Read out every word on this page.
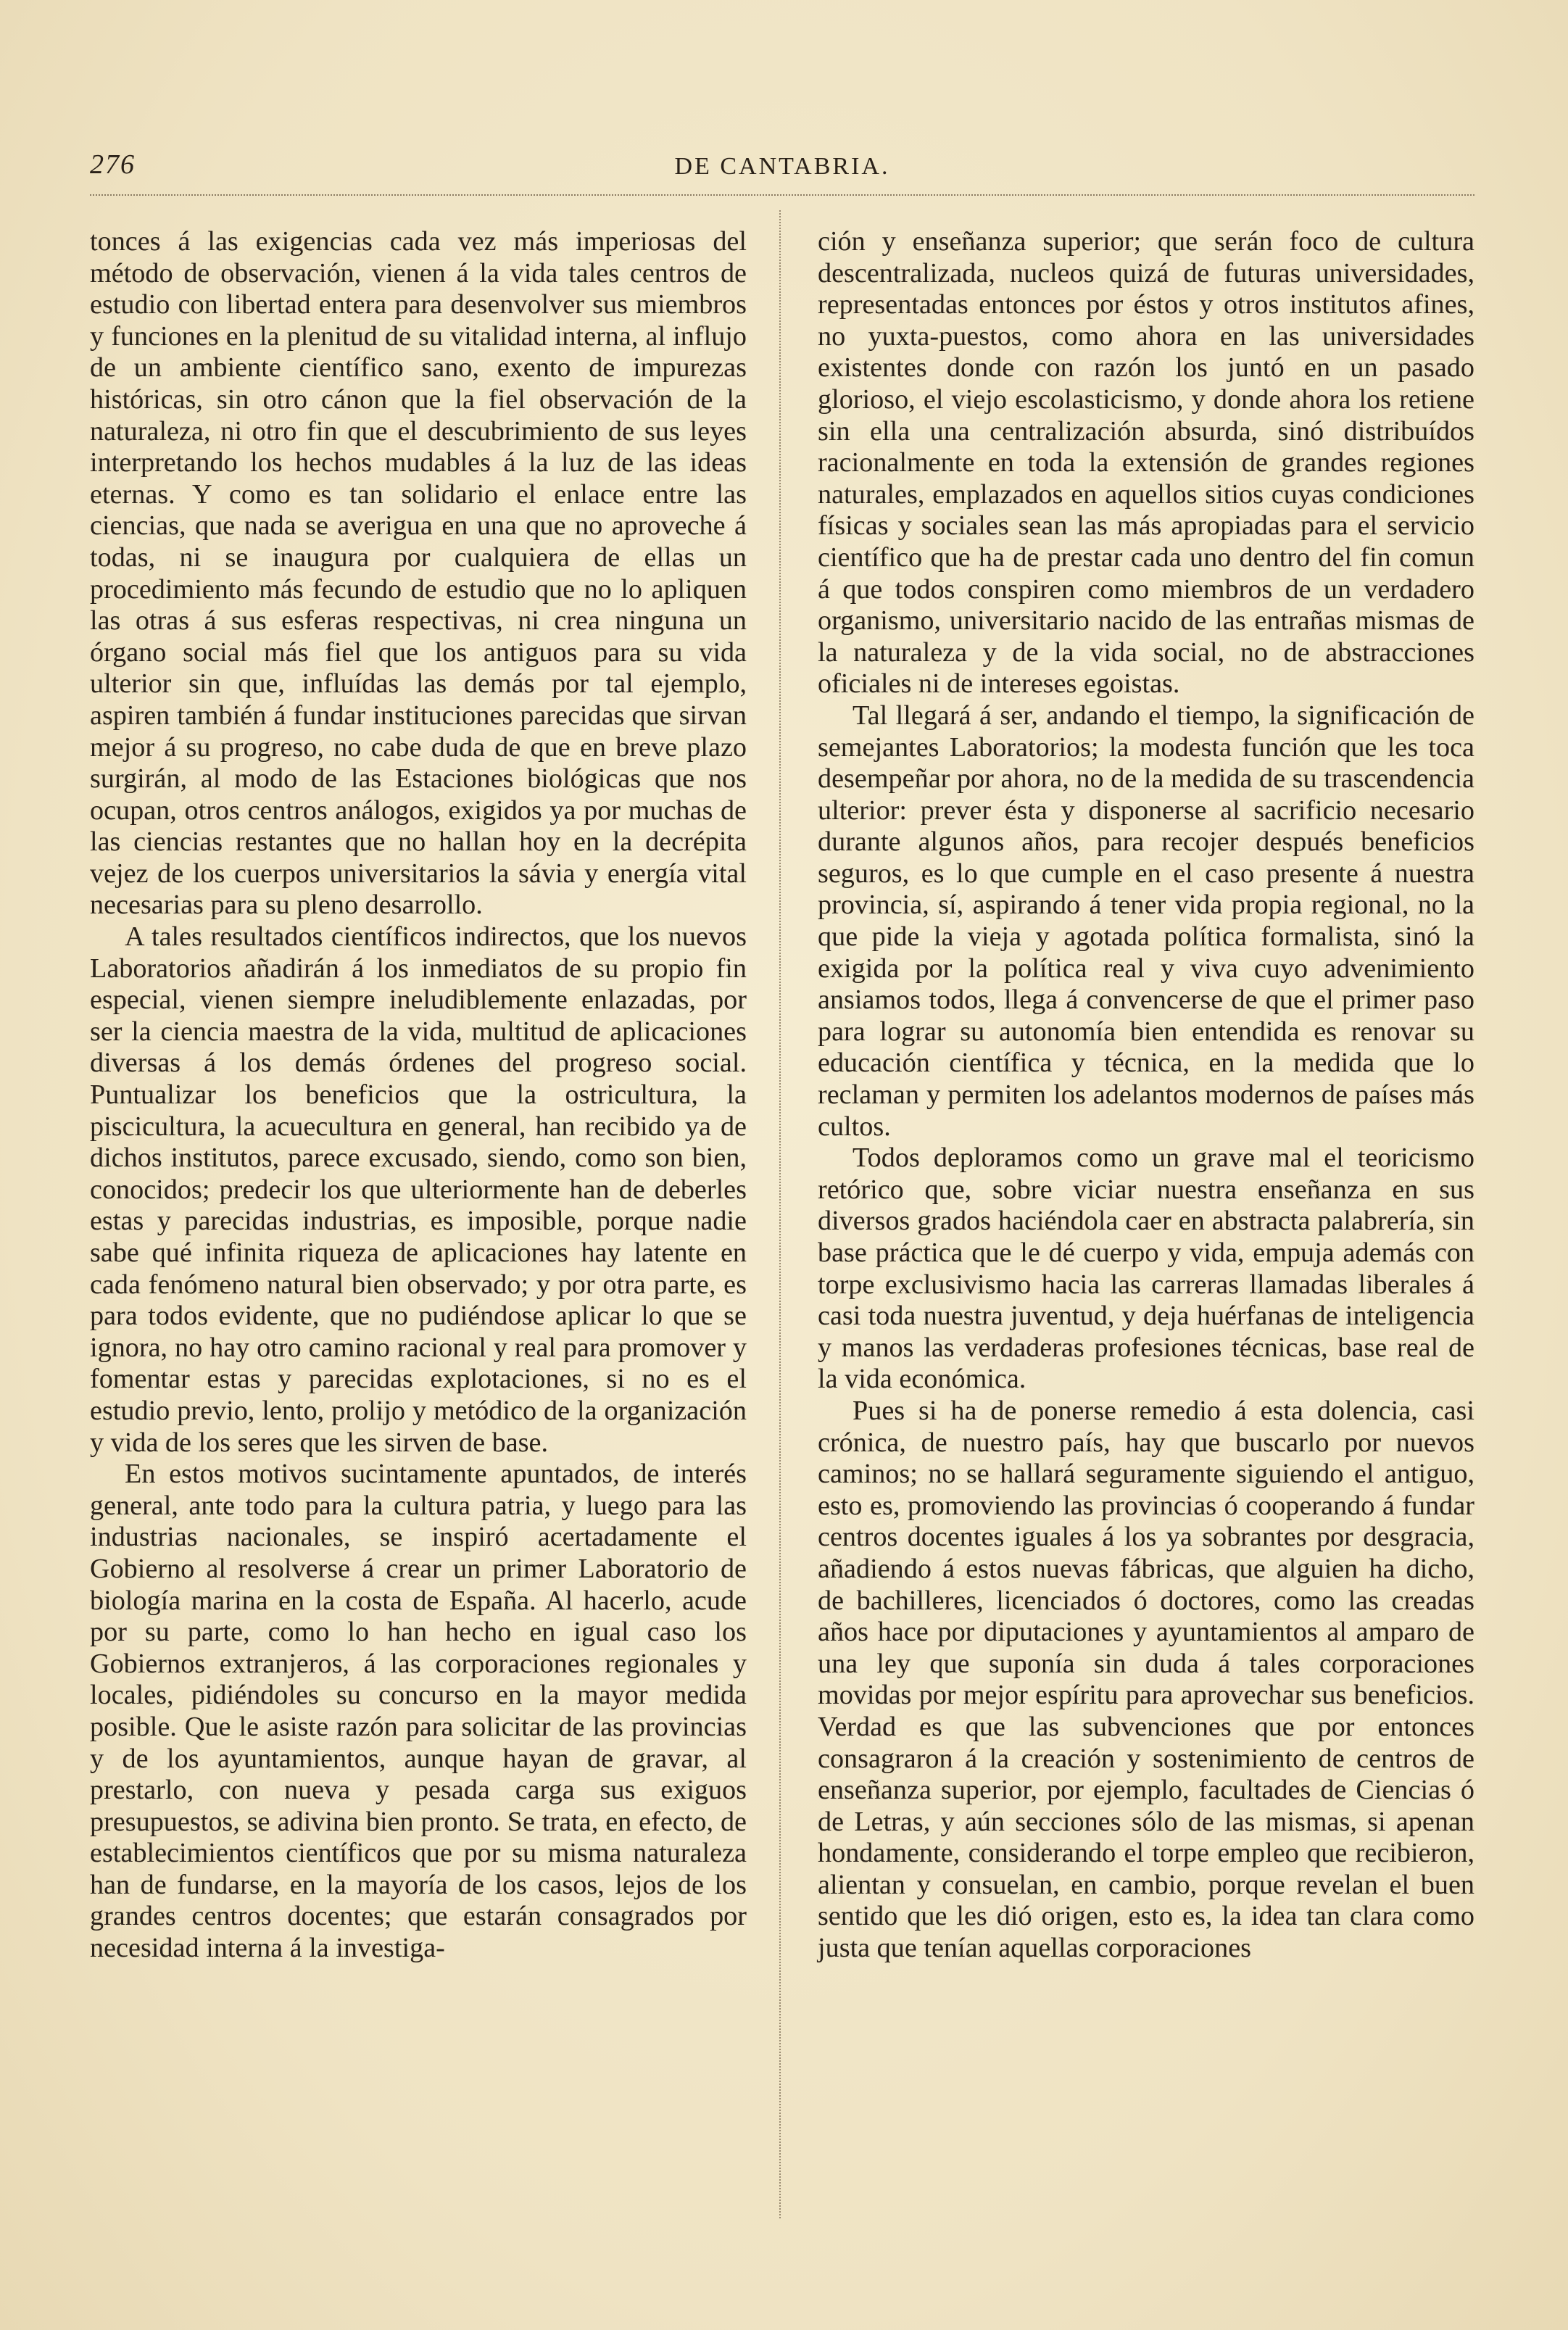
276	DE CANTABRIA.

tonces á las exigencias cada vez más imperiosas del método de observación, vienen á la vida tales centros de estudio con libertad entera para desenvolver sus miembros y funciones en la plenitud de su vitalidad interna, al influjo de un ambiente científico sano, exento de impurezas históricas, sin otro cánon que la fiel observación de la naturaleza, ni otro fin que el descubrimiento de sus leyes interpretando los hechos mudables á la luz de las ideas eternas. Y como es tan solidario el enlace entre las ciencias, que nada se averigua en una que no aproveche á todas, ni se inaugura por cualquiera de ellas un procedimiento más fecundo de estudio que no lo apliquen las otras á sus esferas respectivas, ni crea ninguna un órgano social más fiel que los antiguos para su vida ulterior sin que, influídas las demás por tal ejemplo, aspiren también á fundar instituciones parecidas que sirvan mejor á su progreso, no cabe duda de que en breve plazo surgirán, al modo de las Estaciones biológicas que nos ocupan, otros centros análogos, exigidos ya por muchas de las ciencias restantes que no hallan hoy en la decrépita vejez de los cuerpos universitarios la sávia y energía vital necesarias para su pleno desarrollo.

A tales resultados científicos indirectos, que los nuevos Laboratorios añadirán á los inmediatos de su propio fin especial, vienen siempre ineludiblemente enlazadas, por ser la ciencia maestra de la vida, multitud de aplicaciones diversas á los demás órdenes del progreso social. Puntualizar los beneficios que la ostricultura, la piscicultura, la acuecultura en general, han recibido ya de dichos institutos, parece excusado, siendo, como son bien, conocidos; predecir los que ulteriormente han de deberles estas y parecidas industrias, es imposible, porque nadie sabe qué infinita riqueza de aplicaciones hay latente en cada fenómeno natural bien observado; y por otra parte, es para todos evidente, que no pudiéndose aplicar lo que se ignora, no hay otro camino racional y real para promover y fomentar estas y parecidas explotaciones, si no es el estudio previo, lento, prolijo y metódico de la organización y vida de los seres que les sirven de base.

En estos motivos sucintamente apuntados, de interés general, ante todo para la cultura patria, y luego para las industrias nacionales, se inspiró acertadamente el Gobierno al resolverse á crear un primer Laboratorio de biología marina en la costa de España. Al hacerlo, acude por su parte, como lo han hecho en igual caso los Gobiernos extranjeros, á las corporaciones regionales y locales, pidiéndoles su concurso en la mayor medida posible. Que le asiste razón para solicitar de las provincias y de los ayuntamientos, aunque hayan de gravar, al prestarlo, con nueva y pesada carga sus exiguos presupuestos, se adivina bien pronto. Se trata, en efecto, de establecimientos científicos que por su misma naturaleza han de fundarse, en la mayoría de los casos, lejos de los grandes centros docentes; que estarán consagrados por necesidad interna á la investiga-

ción y enseñanza superior; que serán foco de cultura descentralizada, nucleos quizá de futuras universidades, representadas entonces por éstos y otros institutos afines, no yuxta-puestos, como ahora en las universidades existentes donde con razón los juntó en un pasado glorioso, el viejo escolasticismo, y donde ahora los retiene sin ella una centralización absurda, sinó distribuídos racionalmente en toda la extensión de grandes regiones naturales, emplazados en aquellos sitios cuyas condiciones físicas y sociales sean las más apropiadas para el servicio científico que ha de prestar cada uno dentro del fin comun á que todos conspiren como miembros de un verdadero organismo, universitario nacido de las entrañas mismas de la naturaleza y de la vida social, no de abstracciones oficiales ni de intereses egoistas.

Tal llegará á ser, andando el tiempo, la significación de semejantes Laboratorios; la modesta función que les toca desempeñar por ahora, no de la medida de su trascendencia ulterior: prever ésta y disponerse al sacrificio necesario durante algunos años, para recojer después beneficios seguros, es lo que cumple en el caso presente á nuestra provincia, sí, aspirando á tener vida propia regional, no la que pide la vieja y agotada política formalista, sinó la exigida por la política real y viva cuyo advenimiento ansiamos todos, llega á convencerse de que el primer paso para lograr su autonomía bien entendida es renovar su educación científica y técnica, en la medida que lo reclaman y permiten los adelantos modernos de países más cultos.

Todos deploramos como un grave mal el teoricismo retórico que, sobre viciar nuestra enseñanza en sus diversos grados haciéndola caer en abstracta palabrería, sin base práctica que le dé cuerpo y vida, empuja además con torpe exclusivismo hacia las carreras llamadas liberales á casi toda nuestra juventud, y deja huérfanas de inteligencia y manos las verdaderas profesiones técnicas, base real de la vida económica.

Pues si ha de ponerse remedio á esta dolencia, casi crónica, de nuestro país, hay que buscarlo por nuevos caminos; no se hallará seguramente siguiendo el antiguo, esto es, promoviendo las provincias ó cooperando á fundar centros docentes iguales á los ya sobrantes por desgracia, añadiendo á estos nuevas fábricas, que alguien ha dicho, de bachilleres, licenciados ó doctores, como las creadas años hace por diputaciones y ayuntamientos al amparo de una ley que suponía sin duda á tales corporaciones movidas por mejor espíritu para aprovechar sus beneficios. Verdad es que las subvenciones que por entonces consagraron á la creación y sostenimiento de centros de enseñanza superior, por ejemplo, facultades de Ciencias ó de Letras, y aún secciones sólo de las mismas, si apenan hondamente, considerando el torpe empleo que recibieron, alientan y consuelan, en cambio, porque revelan el buen sentido que les dió origen, esto es, la idea tan clara como justa que tenían aquellas corporaciones
